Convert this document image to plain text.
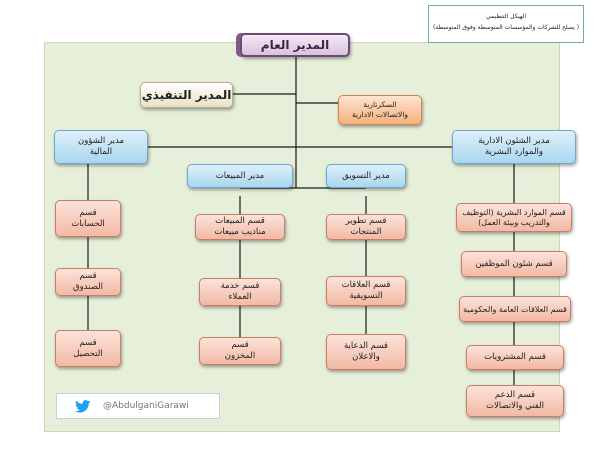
الهيكل التنظيمي
( يصلح للشركات والمؤسسات المتوسطة وفوق المتوسطة)
المدير العام
المدير التنفيذي
السكرتارية والاتصالات الادارية
مدير الشؤون المالية
مدير الشئون الادارية والموارد البشرية
مدير المبيعات	مدير التسويق
قسم الحسابات
قسم الصندوق
قسم التحصيل
قسم المبيعات مناديب مبيعات
قسم خدمة العملاء
قسم المخزون
قسم تطوير المنتجات
قسم العلاقات التسويقية
قسم الدعاية والاعلان
قسم الموارد البشرية (التوظيف والتدريب وبيئة العمل)
قسم شئون الموظفين
قسم العلاقات العامة والحكومية
قسم المشترويات
قسم الدعم الفني والاتصالات
@AbdulganiGarawi
